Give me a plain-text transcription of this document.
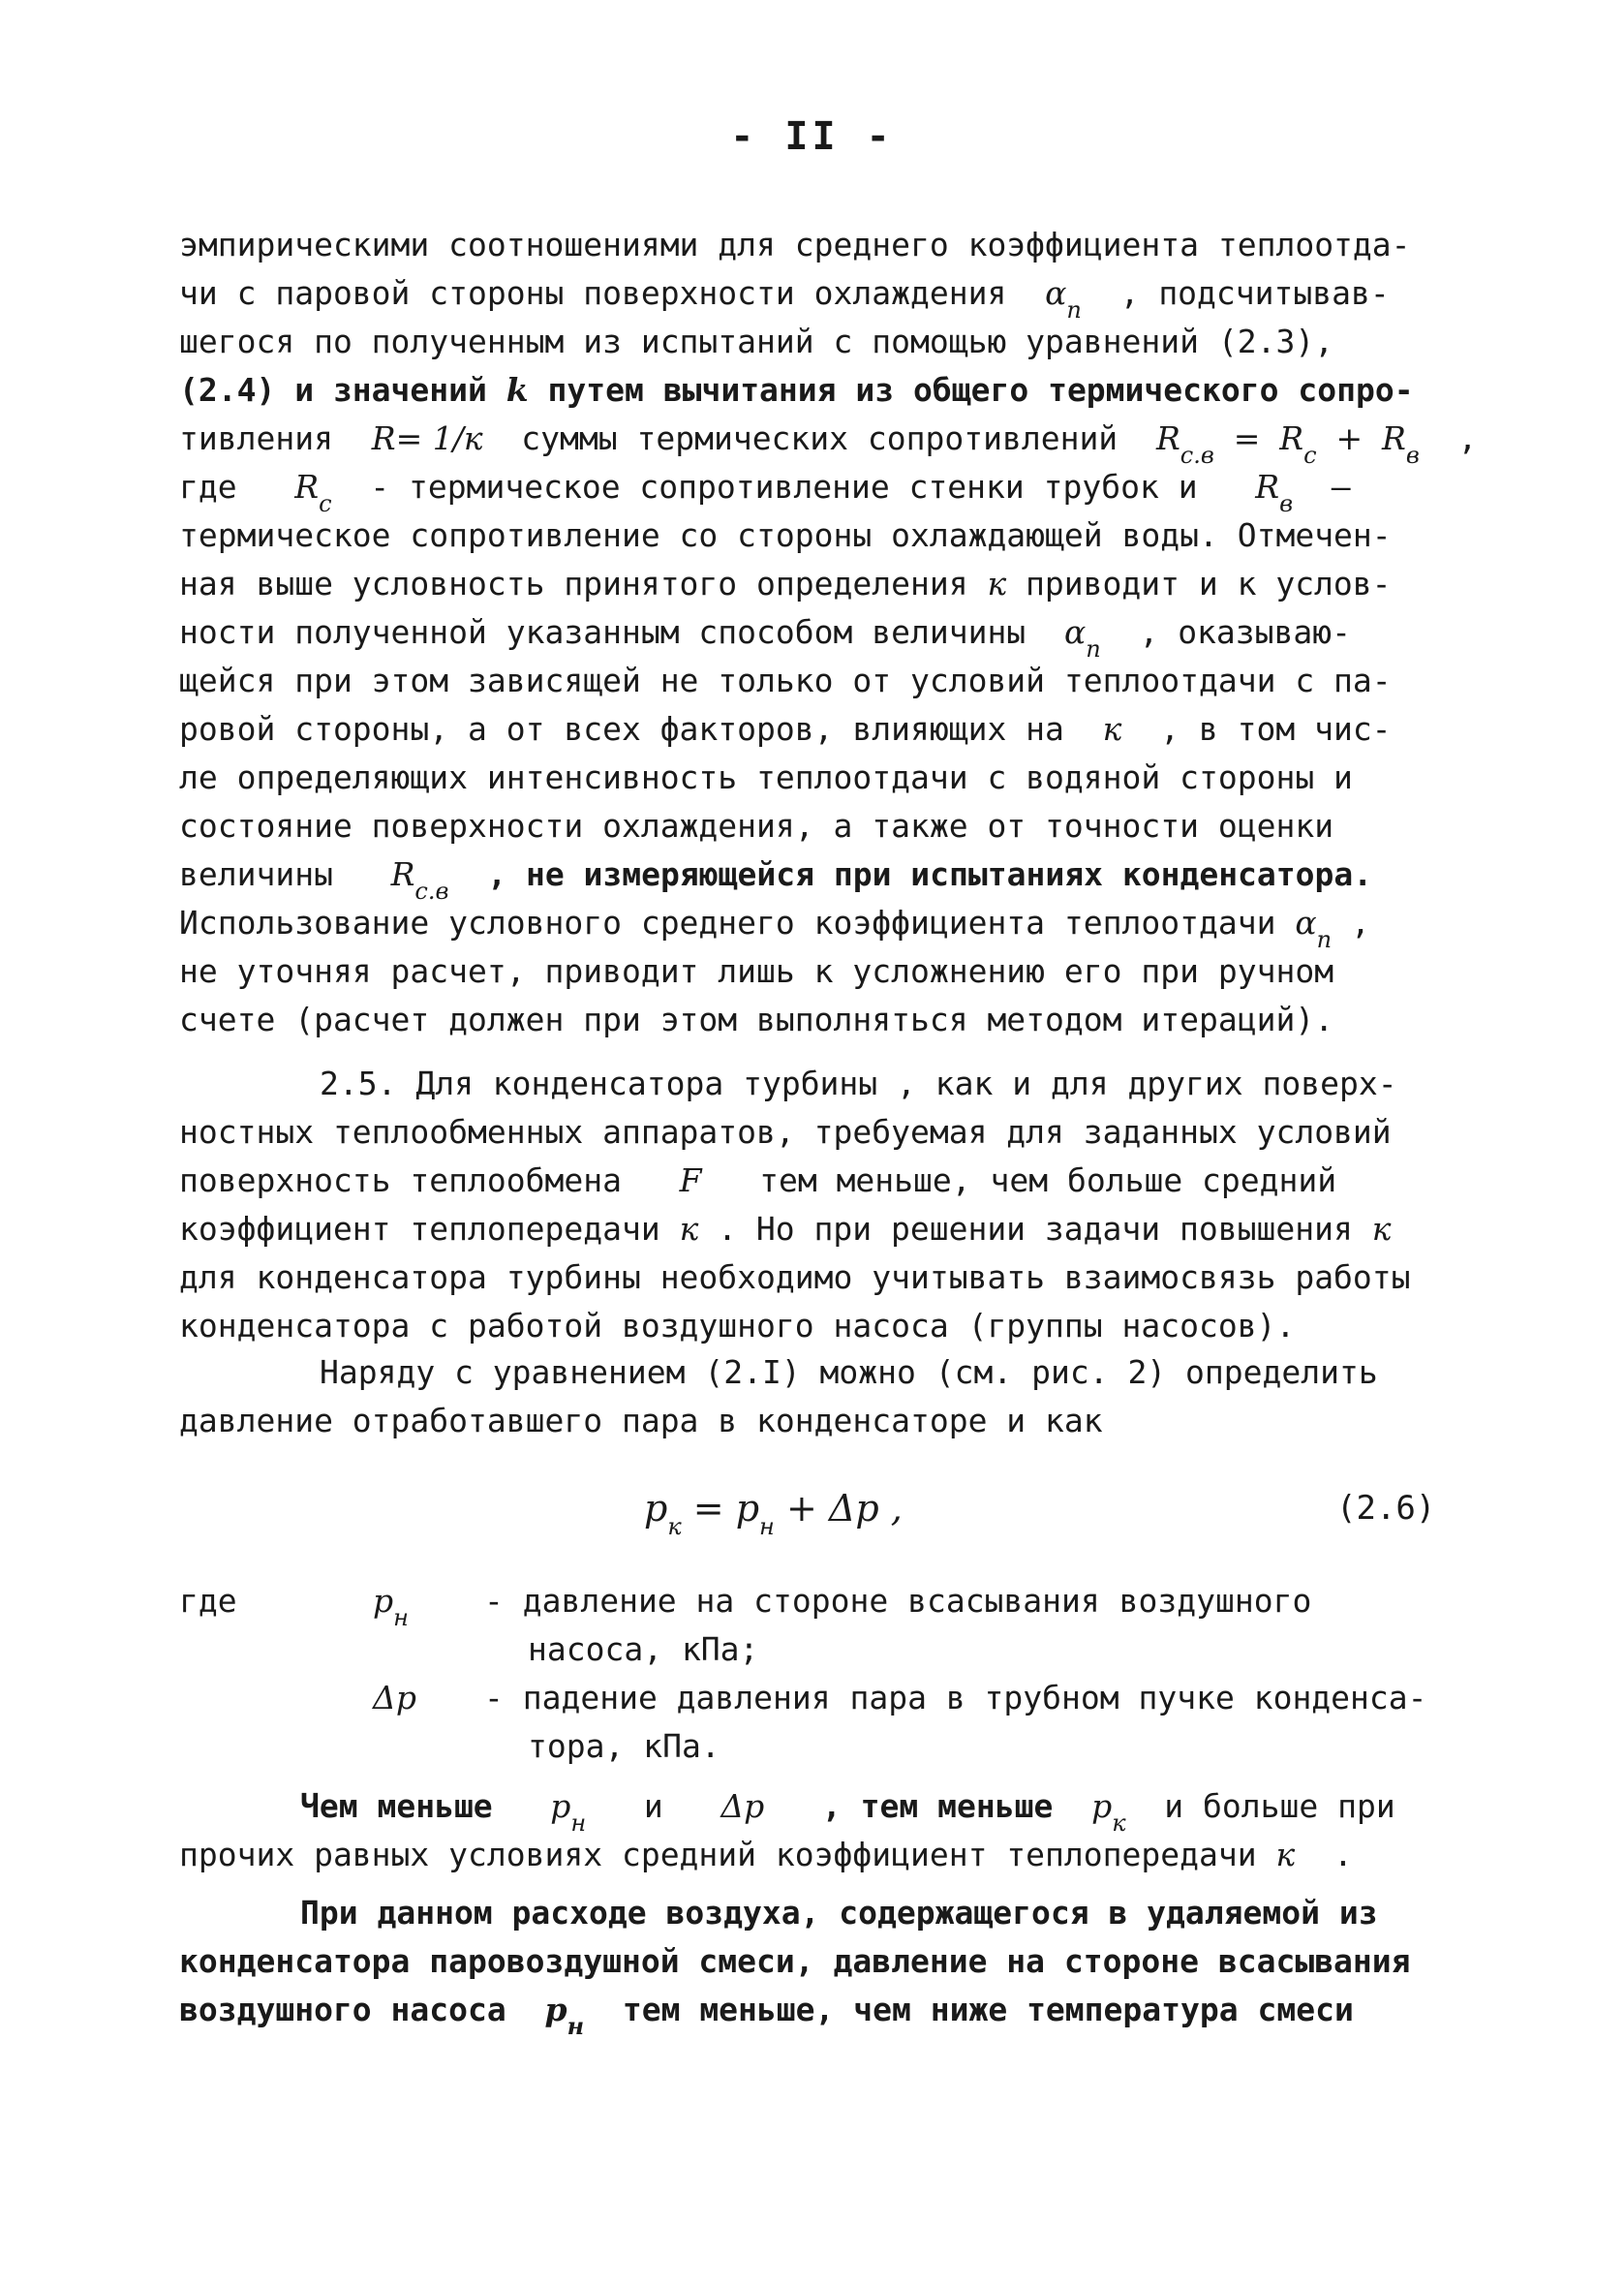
- II -
эмпирическими соотношениями для среднего коэффициента теплоотда-
чи с паровой стороны поверхности охлаждения $\alpha_п$ , подсчитывав-
шегося по полученным из испытаний с помощью уравнений (2.3),
(2.4) и значений k путем вычитания из общего термического сопро-
тивления R= 1/к суммы термических сопротивлений $R_{с.в} = R_с + R_в$ ,
где $R_с$ - термическое сопротивление стенки трубок и $R_в$ –
термическое сопротивление со стороны охлаждающей воды. Отмечен-
ная выше условность принятого определения к приводит и к услов-
ности полученной указанным способом величины $\alpha_п$ , оказываю-
щейся при этом зависящей не только от условий теплоотдачи с па-
ровой стороны, а от всех факторов, влияющих на к , в том чис-
ле определяющих интенсивность теплоотдачи с водяной стороны и
состояние поверхности охлаждения, а также от точности оценки
величины $R_{с.в}$ , не измеряющейся при испытаниях конденсатора.
Использование условного среднего коэффициента теплоотдачи $\alpha_п$ ,
не уточняя расчет, приводит лишь к усложнению его при ручном
счете (расчет должен при этом выполняться методом итераций).
2.5. Для конденсатора турбины , как и для других поверх-
ностных теплообменных аппаратов, требуемая для заданных условий
поверхность теплообмена F тем меньше, чем больше средний
коэффициент теплопередачи к . Но при решении задачи повышения к
для конденсатора турбины необходимо учитывать взаимосвязь работы
конденсатора с работой воздушного насоса (группы насосов).
Наряду с уравнением (2.I) можно (см. рис. 2) определить
давление отработавшего пара в конденсаторе и как
$p_к = p_н + \Delta p$ ,	(2.6)
где	$p_н$ - давление на стороне всасывания воздушного
насоса, кПа;
Δp - падение давления пара в трубном пучке конденса-
тора, кПа.
Чем меньше $p_н$ и Δp , тем меньше $p_к$ и больше при
прочих равных условиях средний коэффициент теплопередачи к .
При данном расходе воздуха, содержащегося в удаляемой из
конденсатора паровоздушной смеси, давление на стороне всасывания
воздушного насоса $p_н$ тем меньше, чем ниже температура смеси
